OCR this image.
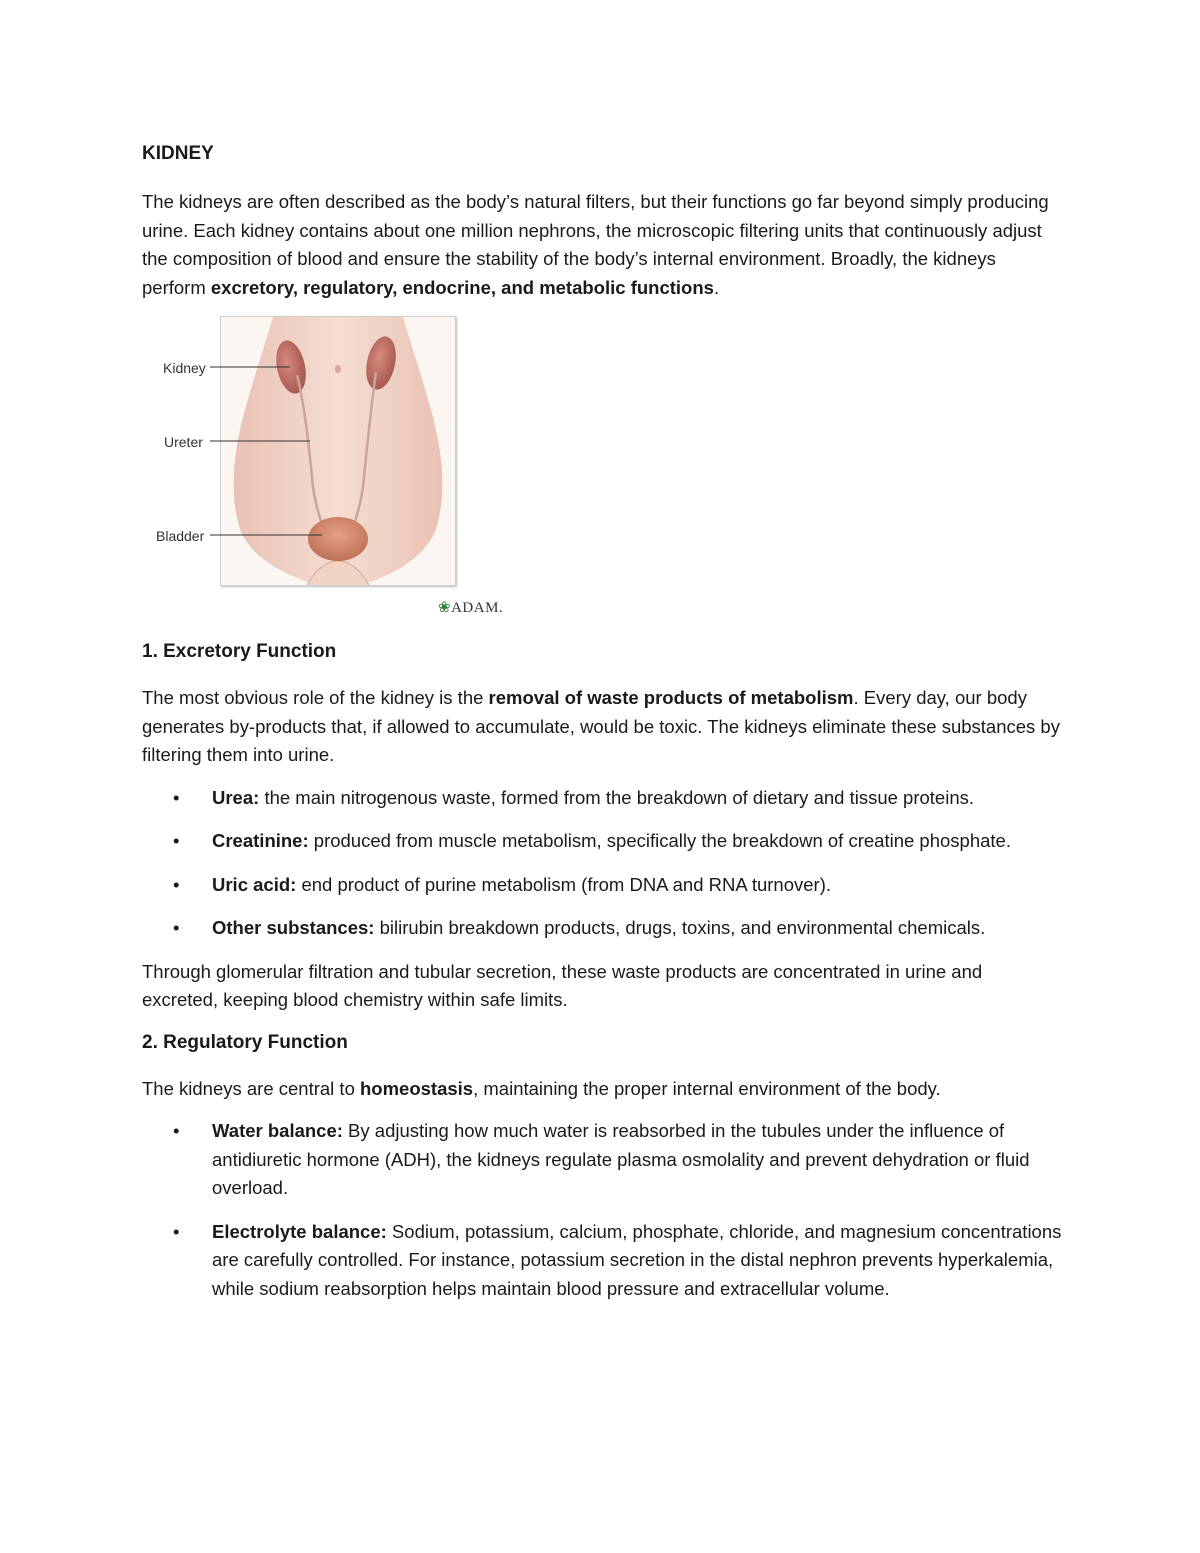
KIDNEY

The kidneys are often described as the body’s natural filters, but their functions go far beyond simply producing urine. Each kidney contains about one million nephrons, the microscopic filtering units that continuously adjust the composition of blood and ensure the stability of the body’s internal environment. Broadly, the kidneys perform excretory, regulatory, endocrine, and metabolic functions.

Kidney
Ureter
Bladder
❀ADAM.
1. Excretory Function

The most obvious role of the kidney is the removal of waste products of metabolism. Every day, our body generates by-products that, if allowed to accumulate, would be toxic. The kidneys eliminate these substances by filtering them into urine.

• Urea: the main nitrogenous waste, formed from the breakdown of dietary and tissue proteins.
• Creatinine: produced from muscle metabolism, specifically the breakdown of creatine phosphate.
• Uric acid: end product of purine metabolism (from DNA and RNA turnover).
• Other substances: bilirubin breakdown products, drugs, toxins, and environmental chemicals.

Through glomerular filtration and tubular secretion, these waste products are concentrated in urine and excreted, keeping blood chemistry within safe limits.

2. Regulatory Function

The kidneys are central to homeostasis, maintaining the proper internal environment of the body.

• Water balance: By adjusting how much water is reabsorbed in the tubules under the influence of antidiuretic hormone (ADH), the kidneys regulate plasma osmolality and prevent dehydration or fluid overload.
• Electrolyte balance: Sodium, potassium, calcium, phosphate, chloride, and magnesium concentrations are carefully controlled. For instance, potassium secretion in the distal nephron prevents hyperkalemia, while sodium reabsorption helps maintain blood pressure and extracellular volume.
